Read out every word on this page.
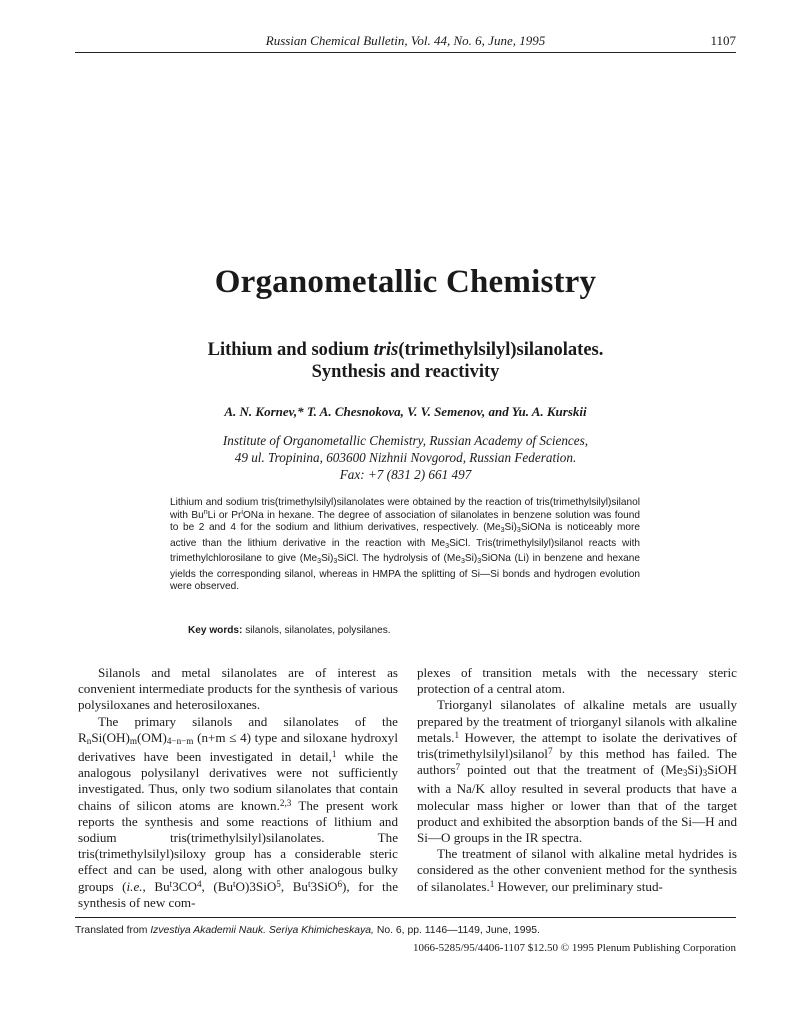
Russian Chemical Bulletin, Vol. 44, No. 6, June, 1995	1107
Organometallic Chemistry
Lithium and sodium tris(trimethylsilyl)silanolates.
Synthesis and reactivity
A. N. Kornev,* T. A. Chesnokova, V. V. Semenov, and Yu. A. Kurskii
Institute of Organometallic Chemistry, Russian Academy of Sciences,
49 ul. Tropinina, 603600 Nizhnii Novgorod, Russian Federation.
Fax: +7 (831 2) 661 497
Lithium and sodium tris(trimethylsilyl)silanolates were obtained by the reaction of tris(trimethylsilyl)silanol with Bu$^n$Li or Pr$^i$ONa in hexane. The degree of association of silanolates in benzene solution was found to be 2 and 4 for the sodium and lithium derivatives, respectively. $(Me_3Si)_3SiONa$ is noticeably more active than the lithium derivative in the reaction with $Me_3SiCl$. Tris(trimethylsilyl)silanol reacts with trimethylchlorosilane to give $(Me_3Si)_3SiCl$. The hydrolysis of $(Me_3Si)_3SiONa$ (Li) in benzene and hexane yields the corresponding silanol, whereas in HMPA the splitting of Si—Si bonds and hydrogen evolution were observed.
Key words: silanols, silanolates, polysilanes.

Silanols and metal silanolates are of interest as convenient intermediate products for the synthesis of various polysiloxanes and heterosiloxanes.

The primary silanols and silanolates of the $R_nSi(OH)_m(OM)_{4-n-m}$ (n+m ≤ 4) type and siloxane hydroxyl derivatives have been investigated in detail,$^1$ while the analogous polysilanyl derivatives were not sufficiently investigated. Thus, only two sodium silanolates that contain chains of silicon atoms are known.$^{2,3}$ The present work reports the synthesis and some reactions of lithium and sodium tris(trimethylsilyl)silanolates. The tris(trimethylsilyl)siloxy group has a considerable steric effect and can be used, along with other analogous bulky groups (i.e., $Bu^t3CO^4$, (Bu$^t$O)3SiO$^5$, Bu$^t$3SiO$^6$), for the synthesis of new com-

plexes of transition metals with the necessary steric protection of a central atom.

Triorganyl silanolates of alkaline metals are usually prepared by the treatment of triorganyl silanols with alkaline metals.$^1$ However, the attempt to isolate the derivatives of tris(trimethylsilyl)silanol$^7$ by this method has failed. The authors$^7$ pointed out that the treatment of $(Me_3Si)_3SiOH$ with a Na/K alloy resulted in several products that have a molecular mass higher or lower than that of the target product and exhibited the absorption bands of the Si—H and Si—O groups in the IR spectra.

The treatment of silanol with alkaline metal hydrides is considered as the other convenient method for the synthesis of silanolates.$^1$ However, our preliminary stud-

Translated from Izvestiya Akademii Nauk. Seriya Khimicheskaya, No. 6, pp. 1146—1149, June, 1995.
1066-5285/95/4406-1107 $12.50 © 1995 Plenum Publishing Corporation
